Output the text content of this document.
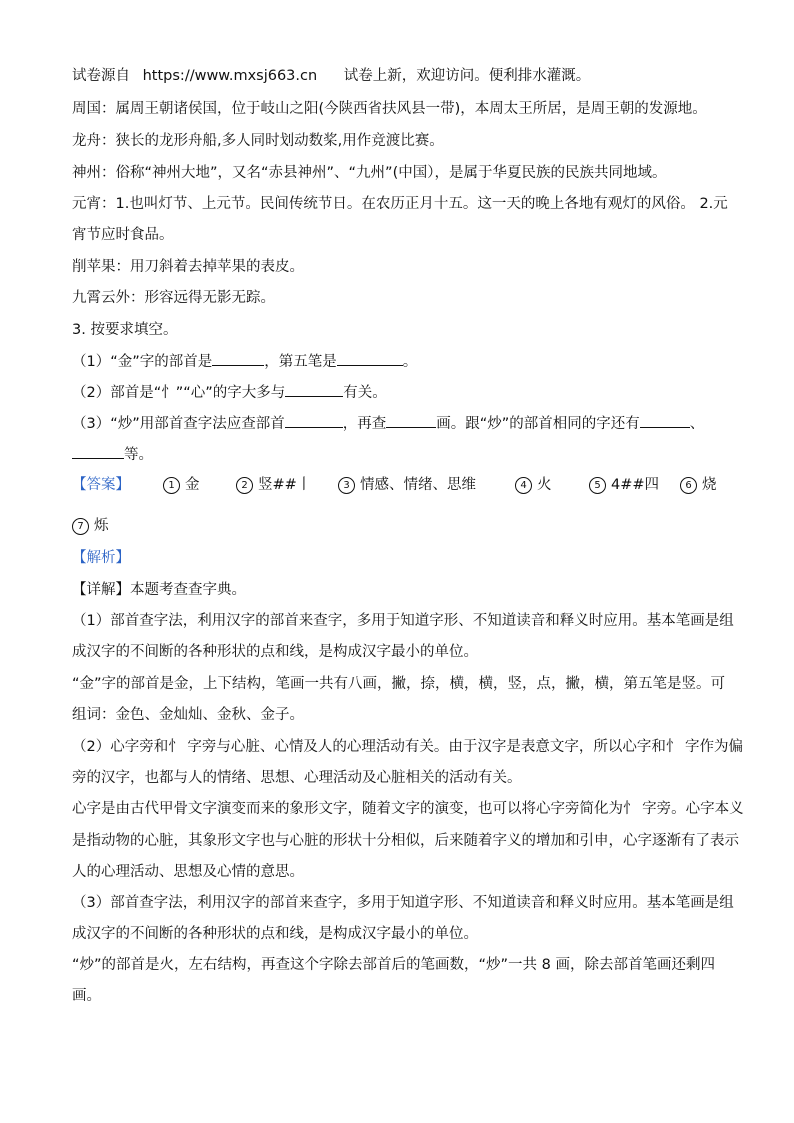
试卷源自 https://www.mxsj663.cn 试卷上新，欢迎访问。便利排水灌溉。
周国：属周王朝诸侯国，位于岐山之阳(今陕西省扶风县一带)，本周太王所居，是周王朝的发源地。
龙舟：狭长的龙形舟船,多人同时划动数桨,用作竞渡比赛。
神州：俗称“神州大地”，又名“赤县神州”、“九州”(中国），是属于华夏民族的民族共同地域。
元宵：1.也叫灯节、上元节。民间传统节日。在农历正月十五。这一天的晚上各地有观灯的风俗。 2.元
宵节应时食品。
削苹果：用刀斜着去掉苹果的表皮。
九霄云外：形容远得无影无踪。
3. 按要求填空。
（1）“金”字的部首是	，第五笔是	。
（2）部首是“忄”“心”的字大多与	有关。
（3）“炒”用部首查字法应查部首	，再查	画。跟“炒”的部首相同的字还有	、
等。
【答案】	1 金	2 竖##丨	3 情感、情绪、思维	4 火	5 4##四	6 烧
7 烁
【解析】
【详解】本题考查查字典。
（1）部首查字法，利用汉字的部首来查字，多用于知道字形、不知道读音和释义时应用。基本笔画是组
成汉字的不间断的各种形状的点和线，是构成汉字最小的单位。
“金”字的部首是金，上下结构，笔画一共有八画，撇，捺，横，横，竖，点，撇，横，第五笔是竖。可
组词：金色、金灿灿、金秋、金子。
（2）心字旁和忄 字旁与心脏、心情及人的心理活动有关。由于汉字是表意文字，所以心字和忄 字作为偏
旁的汉字，也都与人的情绪、思想、心理活动及心脏相关的活动有关。
心字是由古代甲骨文字演变而来的象形文字，随着文字的演变，也可以将心字旁简化为忄 字旁。心字本义
是指动物的心脏，其象形文字也与心脏的形状十分相似，后来随着字义的增加和引申，心字逐渐有了表示
人的心理活动、思想及心情的意思。
（3）部首查字法，利用汉字的部首来查字，多用于知道字形、不知道读音和释义时应用。基本笔画是组
成汉字的不间断的各种形状的点和线，是构成汉字最小的单位。
“炒”的部首是火，左右结构，再查这个字除去部首后的笔画数，“炒”一共 8 画，除去部首笔画还剩四
画。
